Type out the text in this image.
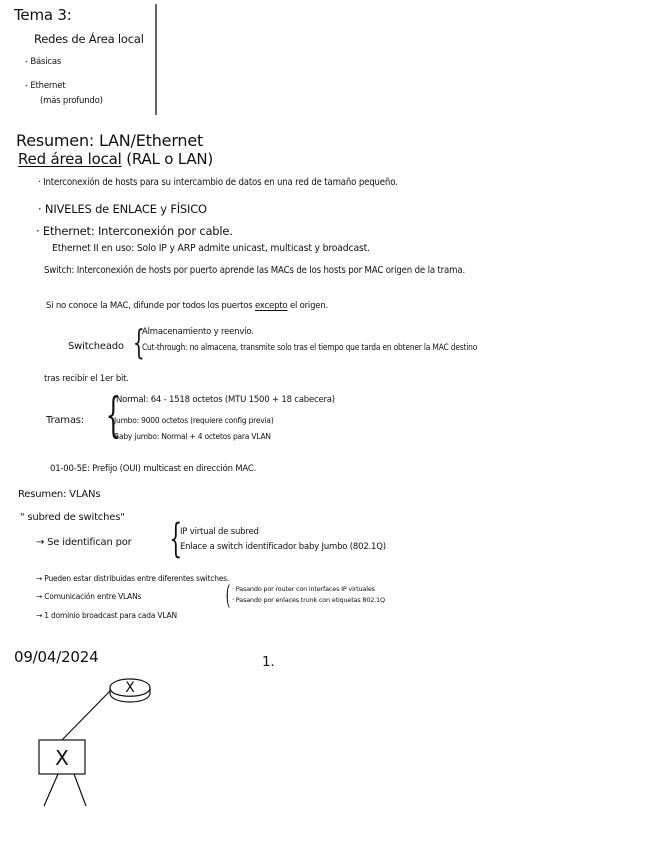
Tema 3:
Redes de Área local
- Básicas
- Ethernet
(más profundo)
Resumen: LAN/Ethernet
Red área local (RAL o LAN)
· Interconexión de hosts para su intercambio de datos en una red de tamaño pequeño.
· NIVELES de ENLACE y FÍSICO
· Ethernet: Interconexión por cable.
Ethernet II en uso: Solo IP y ARP admite unicast, multicast y broadcast.
Switch: Interconexión de hosts por puerto aprende las MACs de los hosts por MAC origen de la trama.
Si no conoce la MAC, difunde por todos los puertos excepto el origen.
Switcheado {
Almacenamiento y reenvío.
Cut-through: no almacena, transmite solo tras el tiempo que tarda en obtener la MAC destino
tras recibir el 1er bit.
Tramas: {
Normal: 64 - 1518 octetos (MTU 1500 + 18 cabecera)
Jumbo: 9000 octetos (requiere config previa)
Baby jumbo: Normal + 4 octetos para VLAN
01-00-5E: Prefijo (OUI) multicast en dirección MAC.
Resumen: VLANs
" subred de switches"
→ Se identifican por {
IP virtual de subred
Enlace a switch identificador baby Jumbo (802.1Q)
→ Pueden estar distribuidas entre diferentes switches.
→ Comunicación entre VLANs
→ 1 dominio broadcast para cada VLAN
( · Pasando por router con interfaces IP virtuales
· Pasando por enlaces trunk con etiquetas 802.1Q
09/04/2024	1.
X
X
